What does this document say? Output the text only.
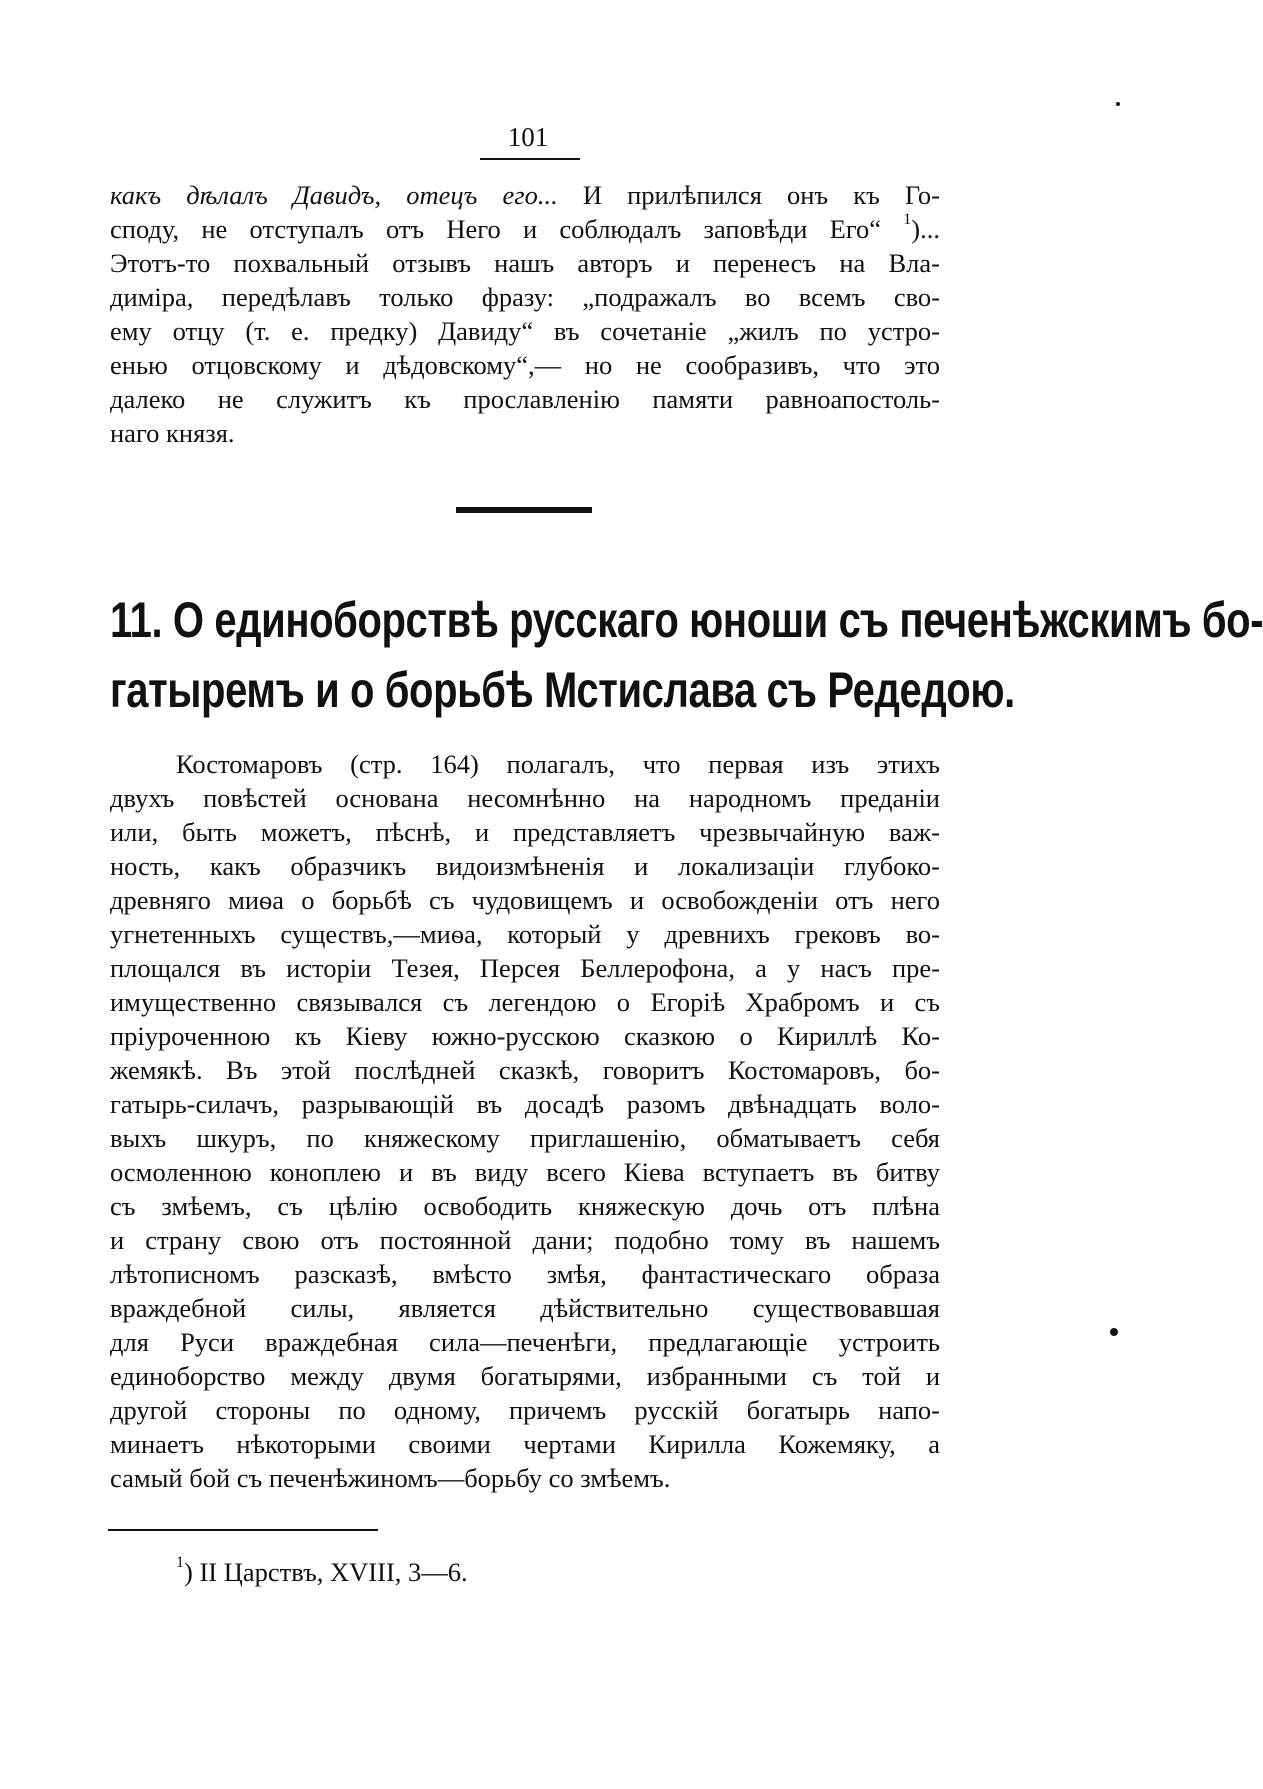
101
какъ дѣлалъ Давидъ, отецъ его... И прилѣпился онъ къ Го-
споду, не отступалъ отъ Него и соблюдалъ заповѣди Его“ $^1$)...
Этотъ-то похвальный отзывъ нашъ авторъ и перенесъ на Вла-
диміра, передѣлавъ только фразу: „подражалъ во всемъ сво-
ему отцу (т. е. предку) Давиду“ въ сочетаніе „жилъ по устро-
енью отцовскому и дѣдовскому“,— но не сообразивъ, что это
далеко не служитъ къ прославленію памяти равноапостоль-
наго князя.
11. О единоборствѣ русскаго юноши съ печенѣжскимъ бо-
гатыремъ и о борьбѣ Мстислава съ Редедою.
Костомаровъ (стр. 164) полагалъ, что первая изъ этихъ
двухъ повѣстей основана несомнѣнно на народномъ преданіи
или, быть можетъ, пѣснѣ, и представляетъ чрезвычайную важ-
ность, какъ образчикъ видоизмѣненія и локализаціи глубоко-
древняго миѳа о борьбѣ съ чудовищемъ и освобожденіи отъ него
угнетенныхъ существъ,—миѳа, который у древнихъ грековъ во-
площался въ исторіи Тезея, Персея Беллерофона, а у насъ пре-
имущественно связывался съ легендою о Егоріѣ Храбромъ и съ
пріуроченною къ Кіеву южно-русскою сказкою о Кириллѣ Ко-
жемякѣ. Въ этой послѣдней сказкѣ, говоритъ Костомаровъ, бо-
гатырь-силачъ, разрывающій въ досадѣ разомъ двѣнадцать воло-
выхъ шкуръ, по княжескому приглашенію, обматываетъ себя
осмоленною коноплею и въ виду всего Кіева вступаетъ въ битву
съ змѣемъ, съ цѣлію освободить княжескую дочь отъ плѣна
и страну свою отъ постоянной дани; подобно тому въ нашемъ
лѣтописномъ разсказѣ, вмѣсто змѣя, фантастическаго образа
враждебной силы, является дѣйствительно существовавшая
для Руси враждебная сила—печенѣги, предлагающіе устроить
единоборство между двумя богатырями, избранными съ той и
другой стороны по одному, причемъ русскій богатырь напо-
минаетъ нѣкоторыми своими чертами Кирилла Кожемяку, а
самый бой съ печенѣжиномъ—борьбу со змѣемъ.
$^1$) II Царствъ, XVIII, 3—6.
